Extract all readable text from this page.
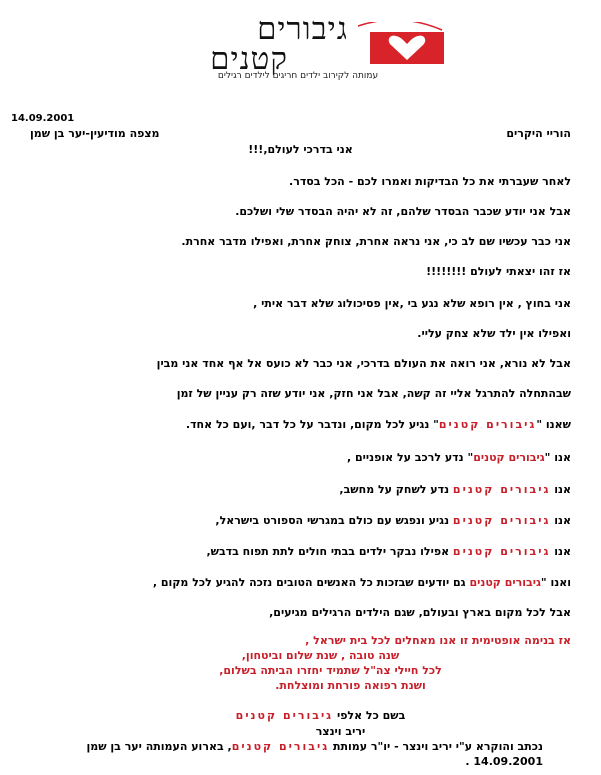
גיבורים
קטנים
עמותה לקירוב ילדים חריגים לילדים רגילים
14.09.2001
הוריי היקרים
מצפה מודיעין-יער בן שמן
אני בדרכי לעולם,!!!
לאחר שעברתי את כל הבדיקות ואמרו לכם - הכל בסדר.
אבל אני יודע שכבר הבסדר שלהם, זה לא יהיה הבסדר שלי ושלכם.
אני כבר עכשיו שם לב כי, אני נראה אחרת, צוחק אחרת, ואפילו מדבר אחרת.
אז זהו יצאתי לעולם !!!!!!!!
אני בחוץ , אין רופא שלא נגע בי ,אין פסיכולוג שלא דבר איתי ,
ואפילו אין ילד שלא צחק עליי.
אבל לא נורא, אני רואה את העולם בדרכי, אני כבר לא כועס אל אף אחד אני מבין
שבהתחלה להתרגל אליי זה קשה, אבל אני חזק, אני יודע שזה רק עניין של זמן
שאנו "גיבורים קטנים" נגיע לכל מקום, ונדבר על כל דבר ,ועם כל אחד.
אנו "גיבורים קטנים" נדע לרכב על אופניים ,
אנו גיבורים קטנים נדע לשחק על מחשב,
אנו גיבורים קטנים נגיע ונפגש עם כולם במגרשי הספורט בישראל,
אנו גיבורים קטנים אפילו נבקר ילדים בבתי חולים לתת תפוח בדבש,
ואנו "גיבורים קטנים גם יודעים שבזכות כל האנשים הטובים נזכה להגיע לכל מקום ,
אבל לכל מקום בארץ ובעולם, שגם הילדים הרגילים מגיעים,
אז בנימה אופטימית זו אנו מאחלים לכל בית ישראל ,
שנה טובה , שנת שלום וביטחון,
לכל חיילי צה"ל שתמיד יחזרו הביתה בשלום,
ושנת רפואה פורחת ומוצלחת.
בשם כל אלפי גיבורים קטנים
יריב וינצר
נכתב והוקרא ע"י יריב וינצר - יו"ר עמותת גיבורים קטנים, בארוע העמותה יער בן שמן
14.09.2001 .
